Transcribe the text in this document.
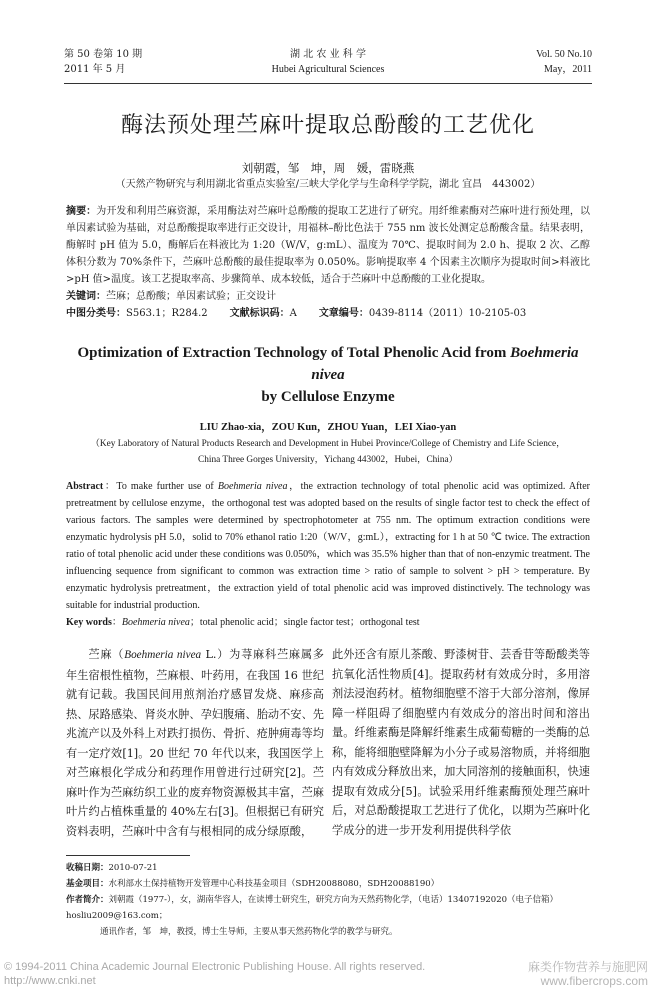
第 50 卷第 10 期
2011 年 5 月
湖 北 农 业 科 学
Hubei Agricultural Sciences
Vol. 50 No.10
May，2011
酶法预处理苎麻叶提取总酚酸的工艺优化
刘朝霞，邹　坤，周　媛，雷晓燕
（天然产物研究与利用湖北省重点实验室/三峡大学化学与生命科学学院，湖北 宜昌　443002）
摘要：为开发和利用苎麻资源，采用酶法对苎麻叶总酚酸的提取工艺进行了研究。用纤维素酶对苎麻叶进行预处理，以单因素试验为基础，对总酚酸提取率进行正交设计，用福林–酚比色法于 755 nm 波长处测定总酚酸含量。结果表明，酶解时 pH 值为 5.0，酶解后在料液比为 1:20（W/V，g:mL）、温度为 70℃、提取时间为 2.0 h、提取 2 次、乙醇体积分数为 70%条件下，苎麻叶总酚酸的最佳提取率为 0.050%。影响提取率 4 个因素主次顺序为提取时间>料液比>pH 值>温度。该工艺提取率高、步骤简单、成本较低，适合于苎麻叶中总酚酸的工业化提取。
关键词：苎麻；总酚酸；单因素试验；正交设计
中图分类号：S563.1；R284.2 文献标识码：A 文章编号：0439-8114（2011）10-2105-03
Optimization of Extraction Technology of Total Phenolic Acid from Boehmeria nivea
by Cellulose Enzyme
LIU Zhao-xia，ZOU Kun，ZHOU Yuan，LEI Xiao-yan
（Key Laboratory of Natural Products Research and Development in Hubei Province/College of Chemistry and Life Science，
China Three Gorges University，Yichang 443002，Hubei，China）
Abstract：To make further use of Boehmeria nivea，the extraction technology of total phenolic acid was optimized. After pretreatment by cellulose enzyme，the orthogonal test was adopted based on the results of single factor test to check the effect of various factors. The samples were determined by spectrophotometer at 755 nm. The optimum extraction conditions were enzymatic hydrolysis pH 5.0，solid to 70% ethanol ratio 1:20（W/V，g:mL），extracting for 1 h at 50 ℃ twice. The extraction ratio of total phenolic acid under these conditions was 0.050%，which was 35.5% higher than that of non-enzymic treatment. The influencing sequence from significant to common was extraction time > ratio of sample to solvent > pH > temperature. By enzymatic hydrolysis pretreatment，the extraction yield of total phenolic acid was improved distinctively. The technology was suitable for industrial production.
Key words：Boehmeria nivea；total phenolic acid；single factor test；orthogonal test
苎麻（Boehmeria nivea L.）为荨麻科苎麻属多年生宿根性植物，苎麻根、叶药用，在我国 16 世纪就有记载。我国民间用煎剂治疗感冒发烧、麻疹高热、尿路感染、肾炎水肿、孕妇腹痛、胎动不安、先兆流产以及外科上对跌打损伤、骨折、疮肿痈毒等均有一定疗效[1]。20 世纪 70 年代以来，我国医学上对苎麻根化学成分和药理作用曾进行过研究[2]。苎麻叶作为苎麻纺织工业的废弃物资源极其丰富，苎麻叶片约占植株重量的 40%左右[3]。但根据已有研究资料表明，苎麻叶中含有与根相同的成分绿原酸，
此外还含有原儿茶酸、野漆树苷、芸香苷等酚酸类等抗氧化活性物质[4]。提取药材有效成分时，多用溶剂法浸泡药材。植物细胞壁不溶于大部分溶剂，像屏障一样阻碍了细胞壁内有效成分的溶出时间和溶出量。纤维素酶是降解纤维素生成葡萄糖的一类酶的总称，能将细胞壁降解为小分子或易溶物质，并将细胞内有效成分释放出来，加大同溶剂的接触面积，快速提取有效成分[5]。试验采用纤维素酶预处理苎麻叶后，对总酚酸提取工艺进行了优化，以期为苎麻叶化学成分的进一步开发利用提供科学依
收稿日期：2010-07-21
基金项目：水利部水土保持植物开发管理中心科技基金项目（SDH20088080，SDH20088190）
作者简介：刘朝霞（1977-），女，湖南华容人，在读博士研究生，研究方向为天然药物化学，（电话）13407192020（电子信箱）hosliu2009@163.com；
通讯作者，邹　坤，教授，博士生导师，主要从事天然药物化学的教学与研究。
© 1994-2011 China Academic Journal Electronic Publishing House. All rights reserved.　http://www.cnki.net
麻类作物营养与施肥网
www.fibercrops.com
